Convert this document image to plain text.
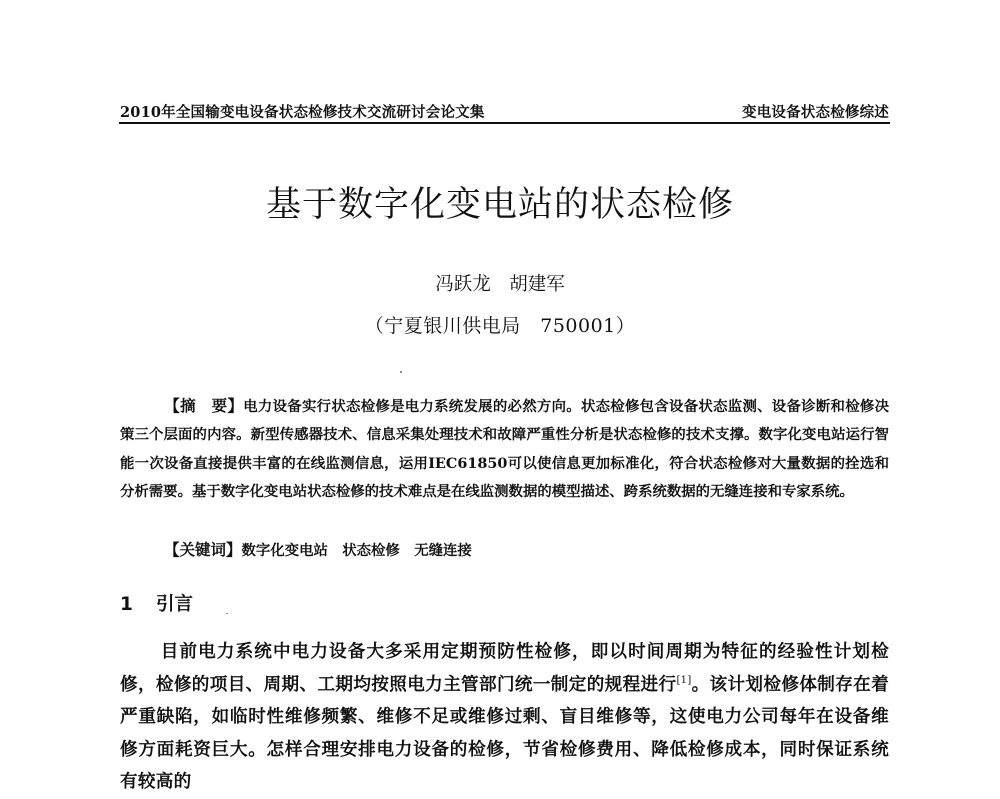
2010年全国输变电设备状态检修技术交流研讨会论文集	变电设备状态检修综述
基于数字化变电站的状态检修
冯跃龙　胡建军
（宁夏银川供电局　750001）

【摘　要】电力设备实行状态检修是电力系统发展的必然方向。状态检修包含设备状态监测、设备诊断和检修决策三个层面的内容。新型传感器技术、信息采集处理技术和故障严重性分析是状态检修的技术支撑。数字化变电站运行智能一次设备直接提供丰富的在线监测信息，运用IEC61850可以使信息更加标准化，符合状态检修对大量数据的拴选和分析需要。基于数字化变电站状态检修的技术难点是在线监测数据的模型描述、跨系统数据的无缝连接和专家系统。

【关键词】数字化变电站　状态检修　无缝连接
1 引言

目前电力系统中电力设备大多采用定期预防性检修，即以时间周期为特征的经验性计划检修，检修的项目、周期、工期均按照电力主管部门统一制定的规程进行[1]。该计划检修体制存在着严重缺陷，如临时性维修频繁、维修不足或维修过剩、盲目维修等，这使电力公司每年在设备维修方面耗资巨大。怎样合理安排电力设备的检修，节省检修费用、降低检修成本，同时保证系统有较高的
